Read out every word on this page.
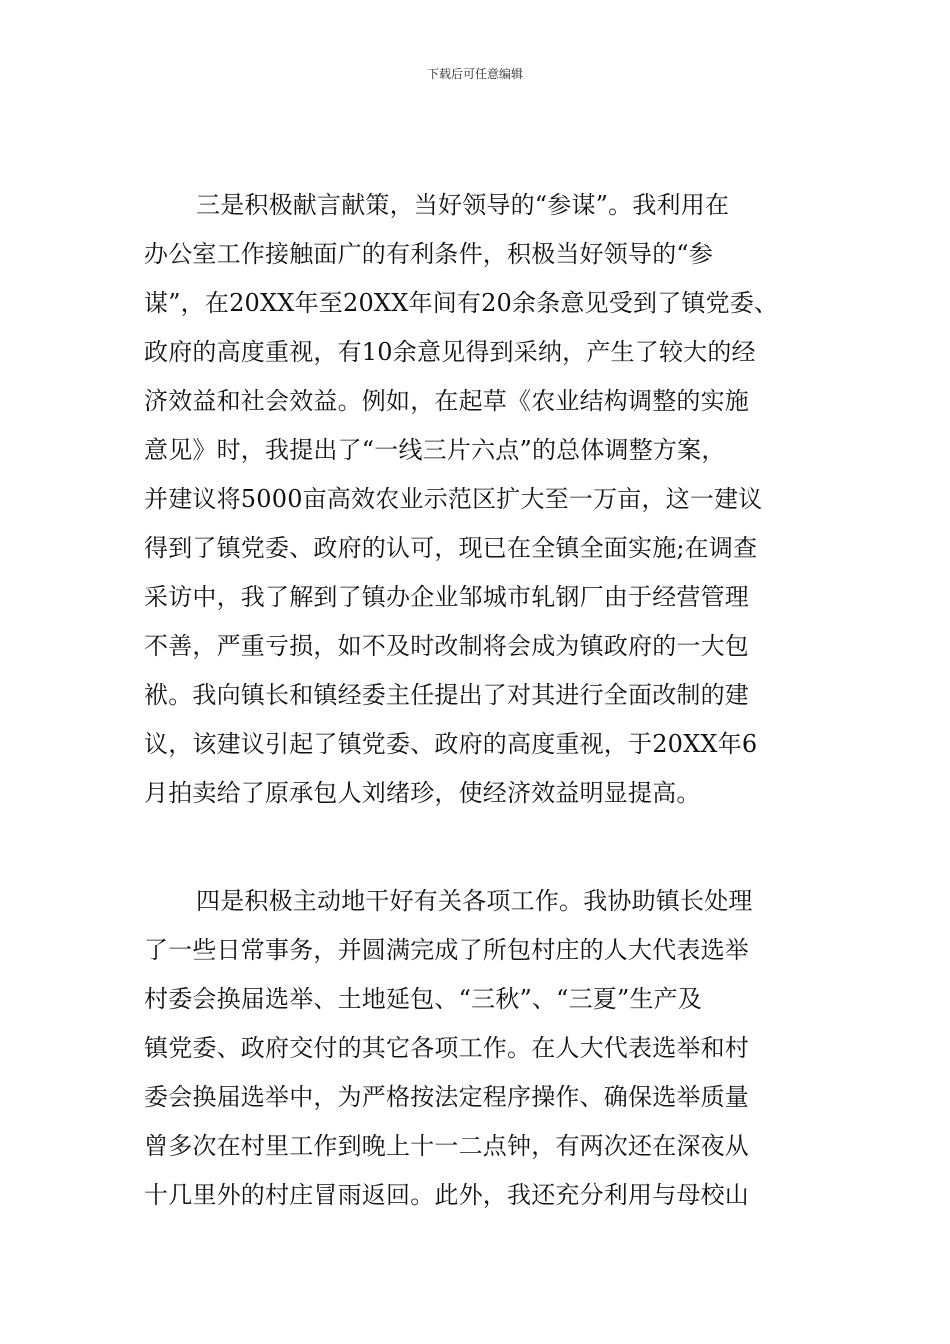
下载后可任意编辑
三是积极献言献策，当好领导的“参谋”。我利用在
办公室工作接触面广的有利条件，积极当好领导的“参
谋”，在20XX年至20XX年间有20余条意见受到了镇党委、
政府的高度重视，有10余意见得到采纳，产生了较大的经
济效益和社会效益。例如，在起草《农业结构调整的实施
意见》时，我提出了“一线三片六点”的总体调整方案，
并建议将5000亩高效农业示范区扩大至一万亩，这一建议
得到了镇党委、政府的认可，现已在全镇全面实施;在调查
采访中，我了解到了镇办企业邹城市轧钢厂由于经营管理
不善，严重亏损，如不及时改制将会成为镇政府的一大包
袱。我向镇长和镇经委主任提出了对其进行全面改制的建
议，该建议引起了镇党委、政府的高度重视，于20XX年6
月拍卖给了原承包人刘绪珍，使经济效益明显提高。
四是积极主动地干好有关各项工作。我协助镇长处理
了一些日常事务，并圆满完成了所包村庄的人大代表选举
村委会换届选举、土地延包、“三秋”、“三夏”生产及
镇党委、政府交付的其它各项工作。在人大代表选举和村
委会换届选举中，为严格按法定程序操作、确保选举质量
曾多次在村里工作到晚上十一二点钟，有两次还在深夜从
十几里外的村庄冒雨返回。此外，我还充分利用与母校山
